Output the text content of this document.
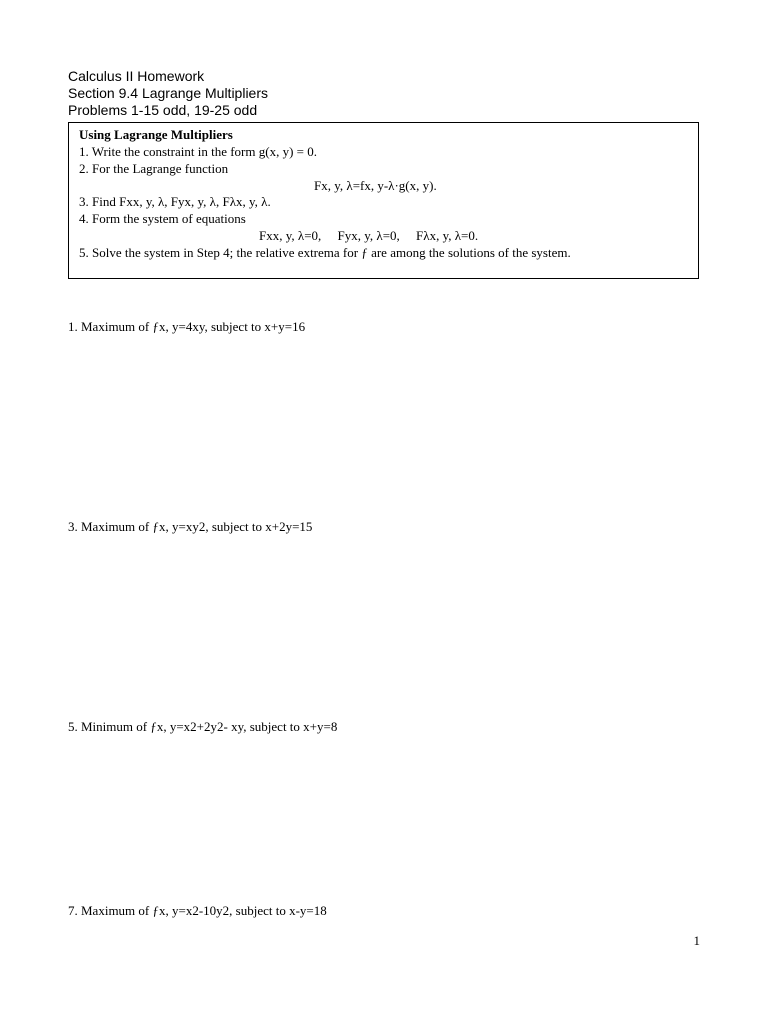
Calculus II Homework
Section 9.4 Lagrange Multipliers
Problems 1-15 odd, 19-25 odd
Using Lagrange Multipliers
1. Write the constraint in the form g(x, y) = 0.
2. For the Lagrange function
Fx, y, λ=fx, y-λ·g(x, y).
3. Find Fxx, y, λ, Fyx, y, λ, Fλx, y, λ.
4. Form the system of equations
Fxx, y, λ=0,     Fyx, y, λ=0,     Fλx, y, λ=0.
5. Solve the system in Step 4; the relative extrema for ƒ are among the solutions of the system.
1. Maximum of ƒx, y=4xy, subject to x+y=16
3. Maximum of ƒx, y=xy2, subject to x+2y=15
5. Minimum of ƒx, y=x2+2y2- xy, subject to x+y=8
7. Maximum of ƒx, y=x2-10y2, subject to x-y=18
1
